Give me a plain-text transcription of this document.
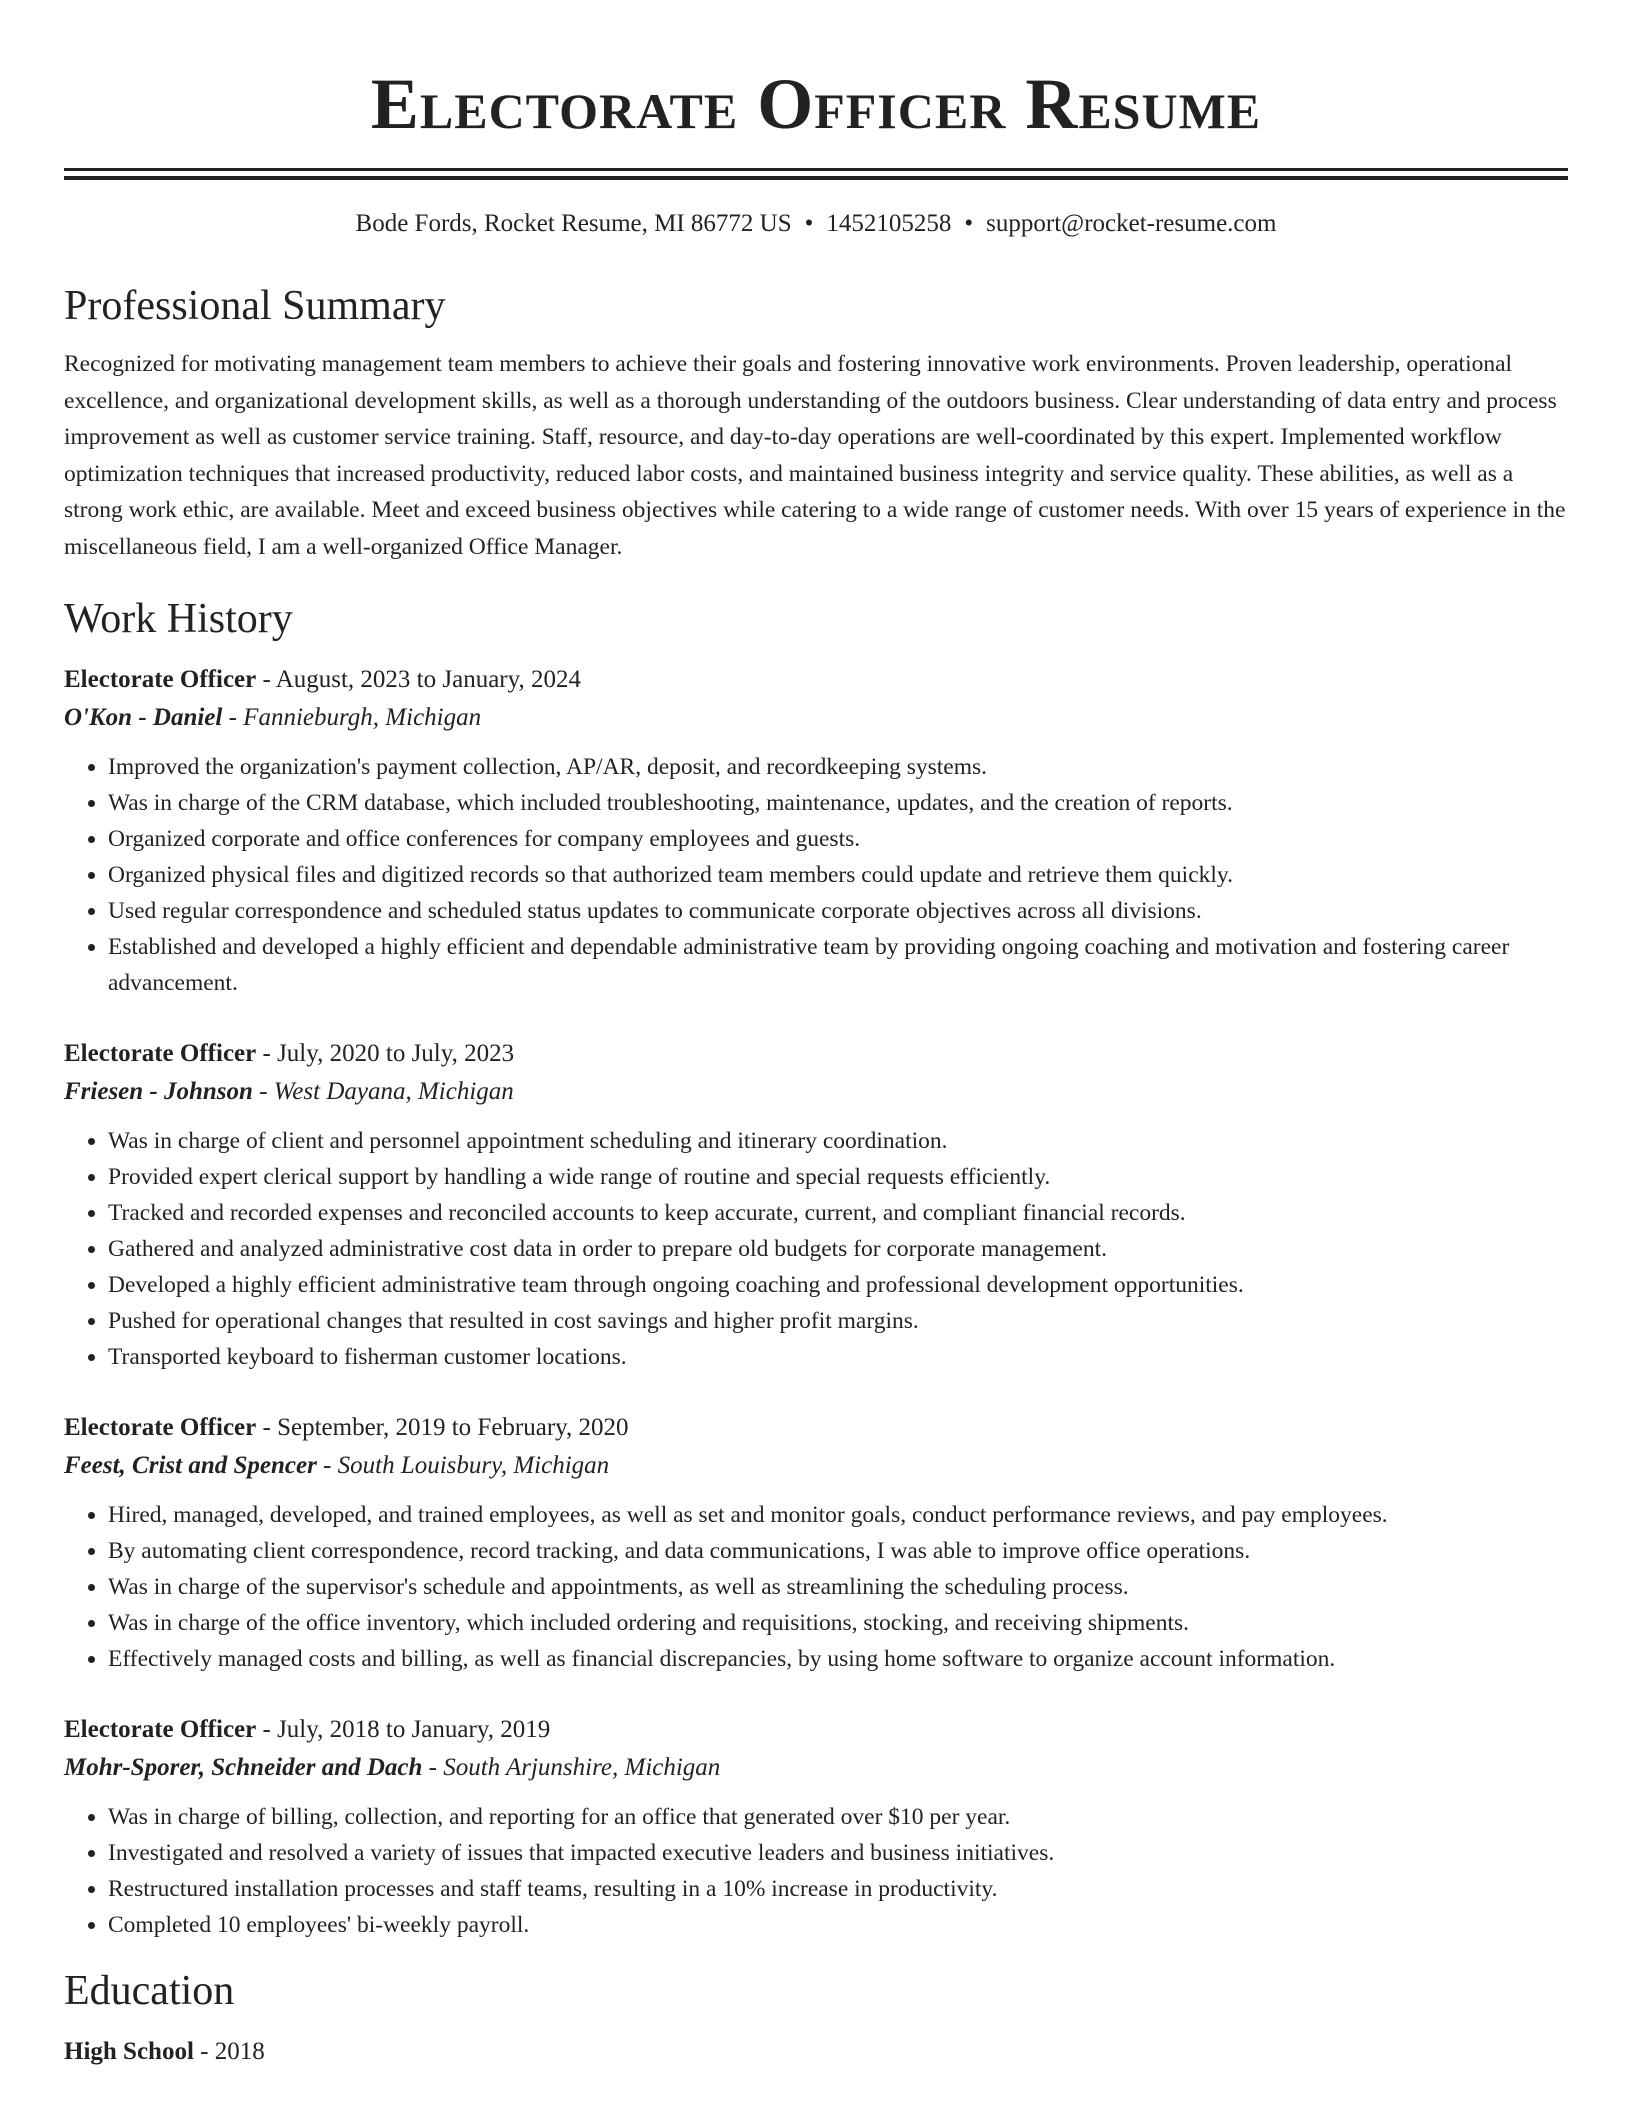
Electorate Officer Resume
Bode Fords, Rocket Resume, MI 86772 US • 1452105258 • support@rocket-resume.com
Professional Summary
Recognized for motivating management team members to achieve their goals and fostering innovative work environments. Proven leadership, operational excellence, and organizational development skills, as well as a thorough understanding of the outdoors business. Clear understanding of data entry and process improvement as well as customer service training. Staff, resource, and day-to-day operations are well-coordinated by this expert. Implemented workflow optimization techniques that increased productivity, reduced labor costs, and maintained business integrity and service quality. These abilities, as well as a strong work ethic, are available. Meet and exceed business objectives while catering to a wide range of customer needs. With over 15 years of experience in the miscellaneous field, I am a well-organized Office Manager.
Work History
Electorate Officer - August, 2023 to January, 2024
O'Kon - Daniel - Fannieburgh, Michigan
• Improved the organization's payment collection, AP/AR, deposit, and recordkeeping systems.
• Was in charge of the CRM database, which included troubleshooting, maintenance, updates, and the creation of reports.
• Organized corporate and office conferences for company employees and guests.
• Organized physical files and digitized records so that authorized team members could update and retrieve them quickly.
• Used regular correspondence and scheduled status updates to communicate corporate objectives across all divisions.
• Established and developed a highly efficient and dependable administrative team by providing ongoing coaching and motivation and fostering career advancement.
Electorate Officer - July, 2020 to July, 2023
Friesen - Johnson - West Dayana, Michigan
• Was in charge of client and personnel appointment scheduling and itinerary coordination.
• Provided expert clerical support by handling a wide range of routine and special requests efficiently.
• Tracked and recorded expenses and reconciled accounts to keep accurate, current, and compliant financial records.
• Gathered and analyzed administrative cost data in order to prepare old budgets for corporate management.
• Developed a highly efficient administrative team through ongoing coaching and professional development opportunities.
• Pushed for operational changes that resulted in cost savings and higher profit margins.
• Transported keyboard to fisherman customer locations.
Electorate Officer - September, 2019 to February, 2020
Feest, Crist and Spencer - South Louisbury, Michigan
• Hired, managed, developed, and trained employees, as well as set and monitor goals, conduct performance reviews, and pay employees.
• By automating client correspondence, record tracking, and data communications, I was able to improve office operations.
• Was in charge of the supervisor's schedule and appointments, as well as streamlining the scheduling process.
• Was in charge of the office inventory, which included ordering and requisitions, stocking, and receiving shipments.
• Effectively managed costs and billing, as well as financial discrepancies, by using home software to organize account information.
Electorate Officer - July, 2018 to January, 2019
Mohr-Sporer, Schneider and Dach - South Arjunshire, Michigan
• Was in charge of billing, collection, and reporting for an office that generated over $10 per year.
• Investigated and resolved a variety of issues that impacted executive leaders and business initiatives.
• Restructured installation processes and staff teams, resulting in a 10% increase in productivity.
• Completed 10 employees' bi-weekly payroll.
Education
High School - 2018
